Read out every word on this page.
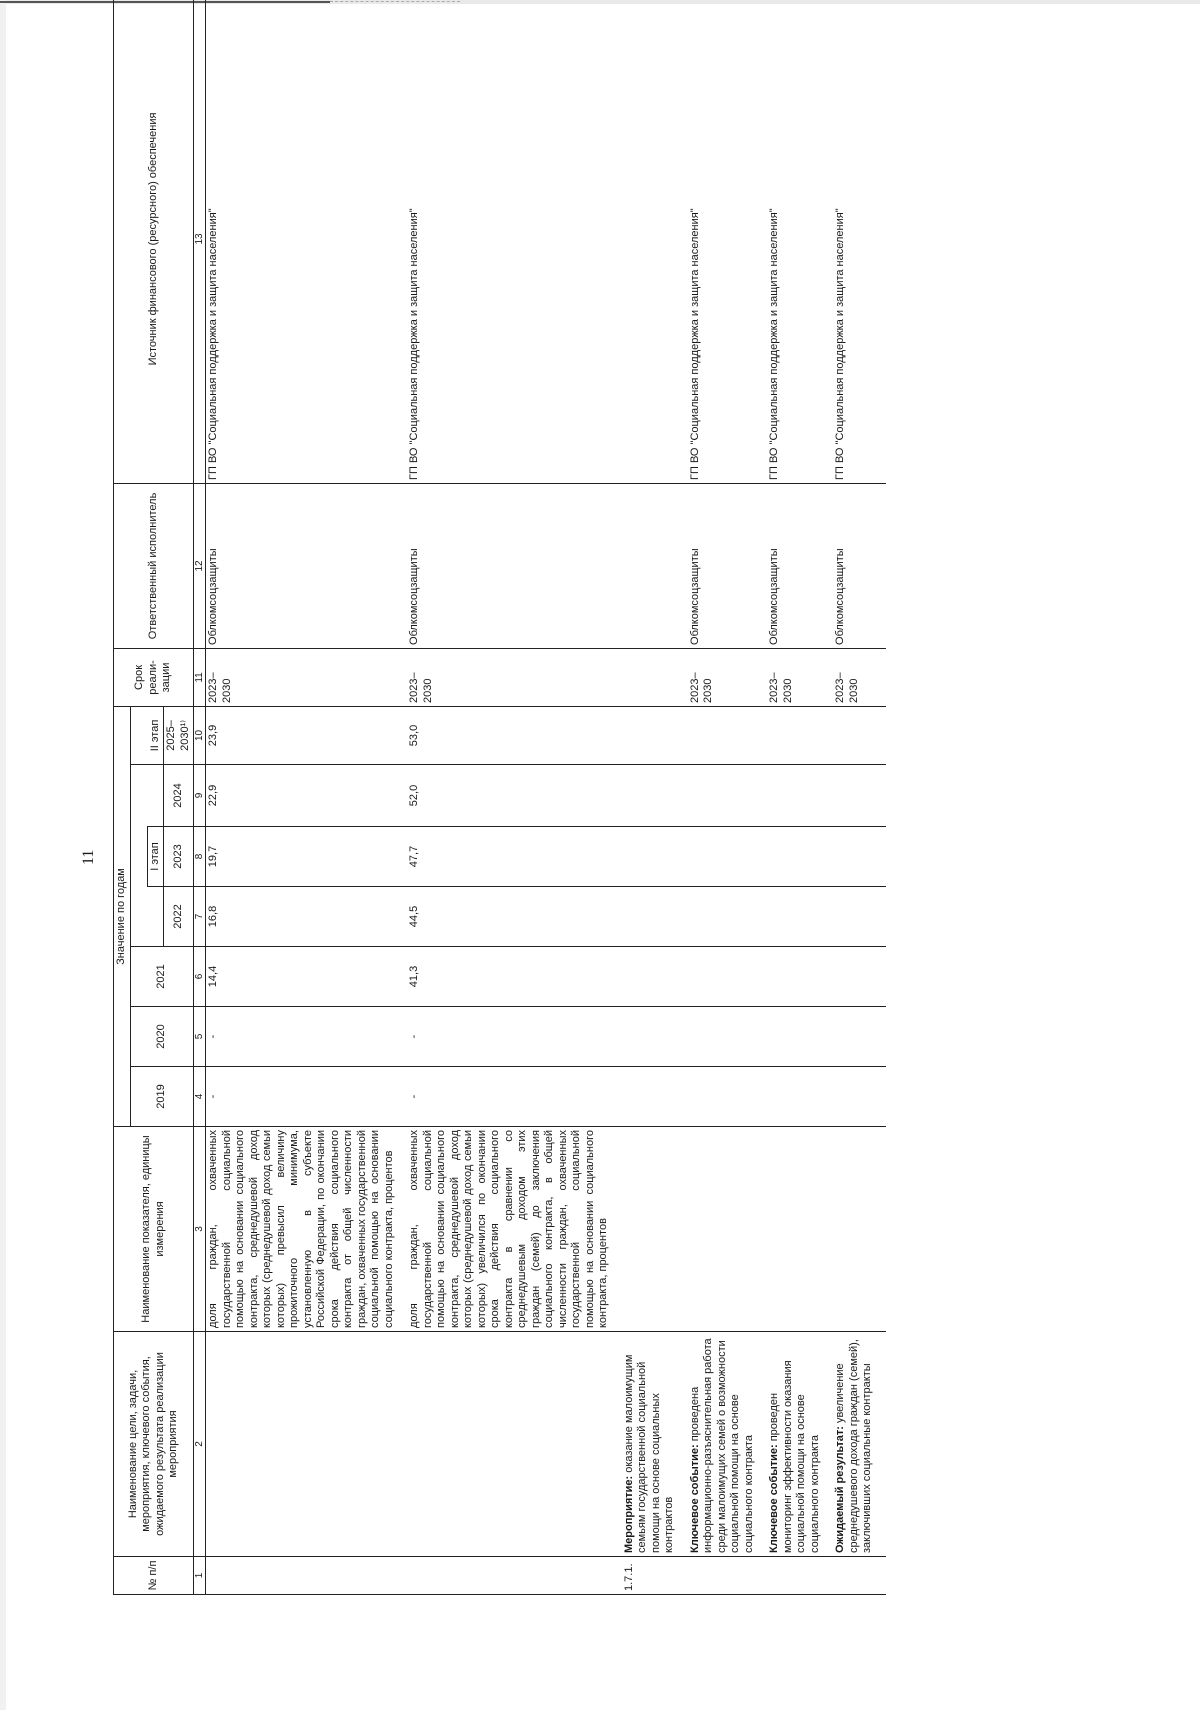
11
№ п/п	Наименование цели, задачи, мероприятия, ключевого события, ожидаемого результата реализации мероприятия	Наименование показателя, единицы измерения	Значение по годам							Срок реали-зации	Ответственный исполнитель	Источник финансового (ресурсного) обеспечения
			2019	2020	2021				II этап			
							I этап					
						2022	2023	2024	2025–2030¹⁾			
1	2	3	4	5	6	7	8	9	10	11	12	13
		доля граждан, охваченных государственной социальной помощью на основании социального контракта, среднедушевой доход которых (среднедушевой доход семьи которых) превысил величину прожиточного минимума, установленную в субъекте Российской Федерации, по окончании срока действия социального контракта от общей численности граждан, охваченных государственной социальной помощью на основании социального контракта, процентов	-	-	14,4	16,8	19,7	22,9	23,9	2023–2030	Облкомсоцзащиты	ГП ВО "Социальная поддержка и защита населения"

		доля граждан, охваченных государственной социальной помощью на основании социального контракта, среднедушевой доход которых (среднедушевой доход семьи которых) увеличился по окончании срока действия социального контракта в сравнении со среднедушевым доходом этих граждан (семей) до заключения социального контракта, в общей численности граждан, охваченных государственной социальной помощью на основании социального контракта, процентов	-	-	41,3	44,5	47,7	52,0	53,0	2023–2030	Облкомсоцзащиты	ГП ВО "Социальная поддержка и защита населения"

1.7.1.	Мероприятие: оказание малоимущим семьям государственной социальной помощи на основе социальных контрактов											

	Ключевое событие: проведена информационно-разъяснительная работа среди малоимущих семей о возможности социальной помощи на основе социального контракта									2023–2030	Облкомсоцзащиты	ГП ВО "Социальная поддержка и защита населения"

	Ключевое событие: проведен мониторинг эффективности оказания социальной помощи на основе социального контракта									2023–2030	Облкомсоцзащиты	ГП ВО "Социальная поддержка и защита населения"

	Ожидаемый результат: увеличение среднедушевого дохода граждан (семей), заключивших социальные контракты									2023–2030	Облкомсоцзащиты	ГП ВО "Социальная поддержка и защита населения"
